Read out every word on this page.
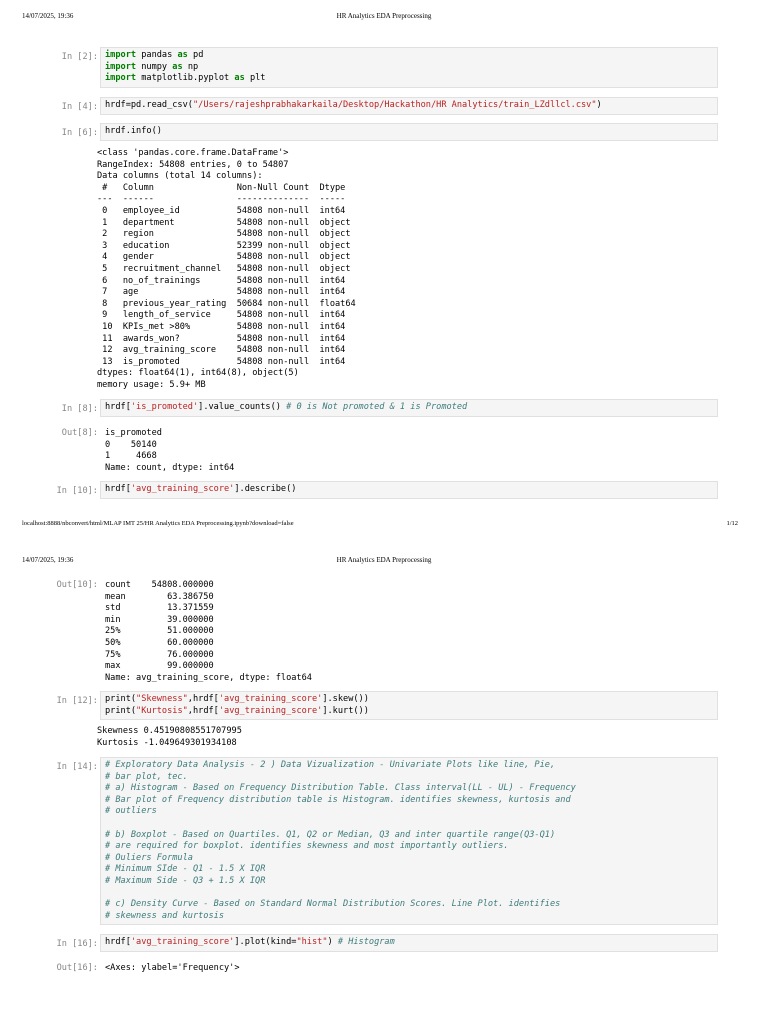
14/07/2025, 19:36	HR Analytics EDA Preprocessing
In [2]: import pandas as pd
import numpy as np
import matplotlib.pyplot as plt
In [4]: hrdf=pd.read_csv("/Users/rajeshprabhakarkaila/Desktop/Hackathon/HR Analytics/train_LZdllcl.csv")
In [6]: hrdf.info()
<class 'pandas.core.frame.DataFrame'>
RangeIndex: 54808 entries, 0 to 54807
Data columns (total 14 columns):
#   Column                Non-Null Count  Dtype
---  ------                --------------  -----
0   employee_id           54808 non-null  int64
1   department            54808 non-null  object
2   region                54808 non-null  object
3   education             52399 non-null  object
4   gender                54808 non-null  object
5   recruitment_channel   54808 non-null  object
6   no_of_trainings       54808 non-null  int64
7   age                   54808 non-null  int64
8   previous_year_rating  50684 non-null  float64
9   length_of_service     54808 non-null  int64
10  KPIs_met >80%         54808 non-null  int64
11  awards_won?           54808 non-null  int64
12  avg_training_score    54808 non-null  int64
13  is_promoted           54808 non-null  int64
dtypes: float64(1), int64(8), object(5)
memory usage: 5.9+ MB
In [8]: hrdf['is_promoted'].value_counts() # 0 is Not promoted & 1 is Promoted
Out[8]: is_promoted
0    50140
1     4668
Name: count, dtype: int64
In [10]: hrdf['avg_training_score'].describe()
localhost:8888/nbconvert/html/MLAP IMT 25/HR Analytics EDA Preprocessing.ipynb?download=false	1/12
14/07/2025, 19:36	HR Analytics EDA Preprocessing
Out[10]: count    54808.000000
mean        63.386750
std         13.371559
min         39.000000
25%         51.000000
50%         60.000000
75%         76.000000
max         99.000000
Name: avg_training_score, dtype: float64
In [12]: print("Skewness",hrdf['avg_training_score'].skew())
print("Kurtosis",hrdf['avg_training_score'].kurt())
Skewness 0.45190808551707995
Kurtosis -1.049649301934108
In [14]: # Exploratory Data Analysis - 2 ) Data Vizualization - Univariate Plots like line, Pie,
# bar plot, tec.
# a) Histogram - Based on Frequency Distribution Table. Class interval(LL - UL) - Frequency
# Bar plot of Frequency distribution table is Histogram. identifies skewness, kurtosis and
# outliers

# b) Boxplot - Based on Quartiles. Q1, Q2 or Median, Q3 and inter quartile range(Q3-Q1)
# are required for boxplot. identifies skewness and most importantly outliers.
# Ouliers Formula
# Minimum SIde - Q1 - 1.5 X IQR
# Maximum Side - Q3 + 1.5 X IQR

# c) Density Curve - Based on Standard Normal Distribution Scores. Line Plot. identifies
# skewness and kurtosis
In [16]: hrdf['avg_training_score'].plot(kind="hist") # Histogram
Out[16]: <Axes: ylabel='Frequency'>
